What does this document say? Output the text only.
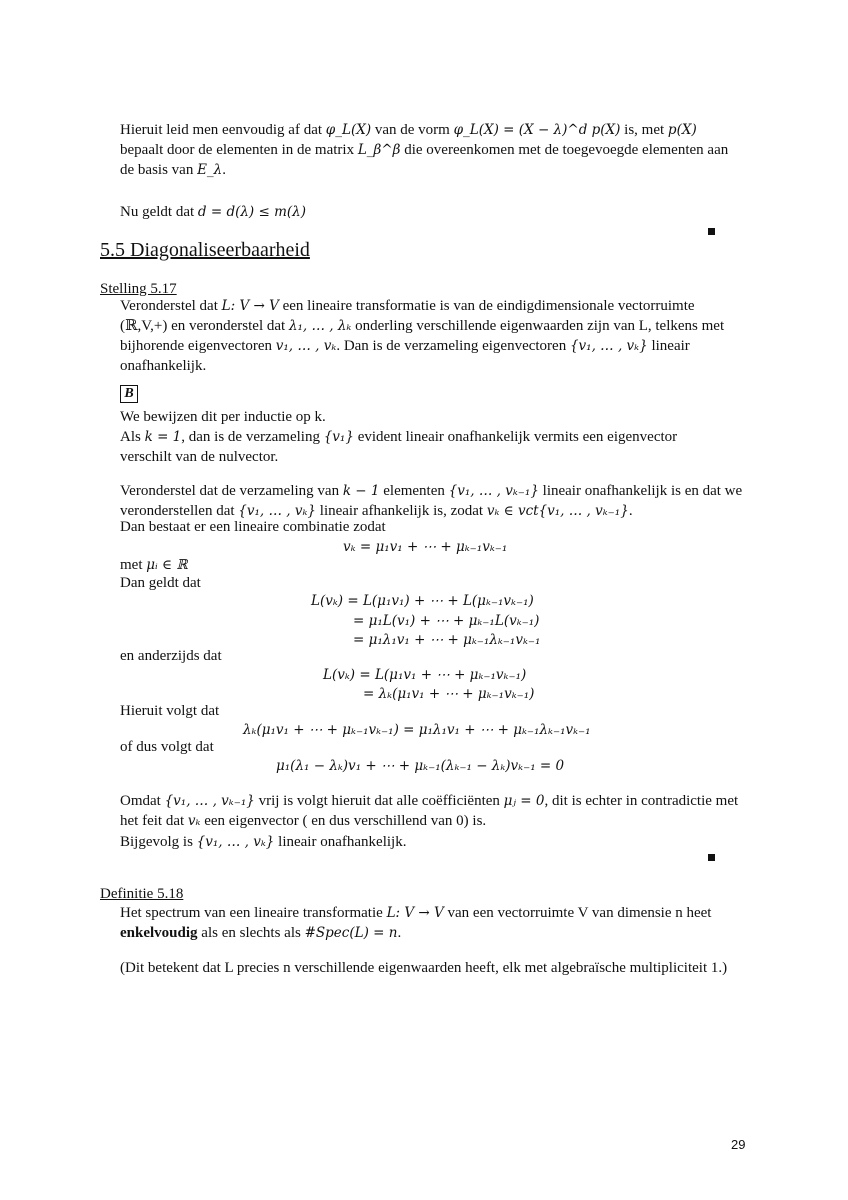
Hieruit leid men eenvoudig af dat φ_L(X) van de vorm φ_L(X) = (X − λ)^d p(X) is, met p(X)
bepaalt door de elementen in de matrix L_β^β die overeenkomen met de toegevoegde elementen aan de basis van E_λ.

Nu geldt dat d = d(λ) ≤ m(λ)

5.5 Diagonaliseerbaarheid
Stelling 5.17

Veronderstel dat L: V → V een lineaire transformatie is van de eindigdimensionale vectorruimte (ℝ,V,+) en veronderstel dat λ₁, … , λₖ onderling verschillende eigenwaarden zijn van L, telkens met bijhorende eigenvectoren v₁, … , vₖ. Dan is de verzameling eigenvectoren {v₁, … , vₖ} lineair onafhankelijk.

B

We bewijzen dit per inductie op k.

Als k = 1, dan is de verzameling {v₁} evident lineair onafhankelijk vermits een eigenvector verschilt van de nulvector.

Veronderstel dat de verzameling van k − 1 elementen {v₁, … , vₖ₋₁} lineair onafhankelijk is en dat we veronderstellen dat {v₁, … , vₖ} lineair afhankelijk is, zodat vₖ ∈ vct{v₁, … , vₖ₋₁}.

Dan bestaat er een lineaire combinatie zodat

vₖ = μ₁v₁ + ⋯ + μₖ₋₁vₖ₋₁

met μᵢ ∈ ℝ

Dan geldt dat

L(vₖ) = L(μ₁v₁) + ⋯ + L(μₖ₋₁vₖ₋₁)
= μ₁L(v₁) + ⋯ + μₖ₋₁L(vₖ₋₁)
= μ₁λ₁v₁ + ⋯ + μₖ₋₁λₖ₋₁vₖ₋₁

en anderzijds dat

L(vₖ) = L(μ₁v₁ + ⋯ + μₖ₋₁vₖ₋₁)
= λₖ(μ₁v₁ + ⋯ + μₖ₋₁vₖ₋₁)

Hieruit volgt dat

λₖ(μ₁v₁ + ⋯ + μₖ₋₁vₖ₋₁) = μ₁λ₁v₁ + ⋯ + μₖ₋₁λₖ₋₁vₖ₋₁

of dus volgt dat

μ₁(λ₁ − λₖ)v₁ + ⋯ + μₖ₋₁(λₖ₋₁ − λₖ)vₖ₋₁ = 0

Omdat {v₁, … , vₖ₋₁} vrij is volgt hieruit dat alle coëfficiënten μⱼ = 0, dit is echter in contradictie met het feit dat vₖ een eigenvector ( en dus verschillend van 0) is.

Bijgevolg is {v₁, … , vₖ} lineair onafhankelijk.

Definitie 5.18

Het spectrum van een lineaire transformatie L: V → V van een vectorruimte V van dimensie n heet enkelvoudig als en slechts als #Spec(L) = n.

(Dit betekent dat L precies n verschillende eigenwaarden heeft, elk met algebraïsche multipliciteit 1.)

29
